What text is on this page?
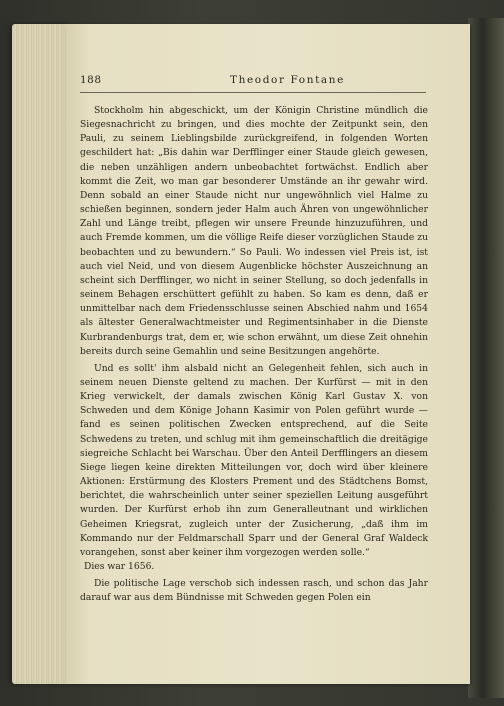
188	Theodor Fontane

Stockholm hin abgeschickt, um der Königin Christine mündlich die Siegesnachricht zu bringen, und dies mochte der Zeitpunkt sein, den Pauli, zu seinem Lieblingsbilde zurückgreifend, in folgenden Worten geschildert hat: „Bis dahin war Derfflinger einer Staude gleich gewesen, die neben unzähligen andern unbeobachtet fortwächst. Endlich aber kommt die Zeit, wo man gar besonderer Umstände an ihr gewahr wird. Denn sobald an einer Staude nicht nur ungewöhnlich viel Halme zu schießen beginnen, sondern jeder Halm auch Ähren von ungewöhnlicher Zahl und Länge treibt, pflegen wir unsere Freunde hinzuzuführen, und auch Fremde kommen, um die völlige Reife dieser vorzüglichen Staude zu beobachten und zu bewundern.“ So Pauli. Wo indessen viel Preis ist, ist auch viel Neid, und von diesem Augenblicke höchster Auszeichnung an scheint sich Derfflinger, wo nicht in seiner Stellung, so doch jedenfalls in seinem Behagen erschüttert gefühlt zu haben. So kam es denn, daß er unmittelbar nach dem Friedensschlusse seinen Abschied nahm und 1654 als ältester Generalwachtmeister und Regimentsinhaber in die Dienste Kurbrandenburgs trat, dem er, wie schon erwähnt, um diese Zeit ohnehin bereits durch seine Gemahlin und seine Besitzungen angehörte.

Und es sollt' ihm alsbald nicht an Gelegenheit fehlen, sich auch in seinem neuen Dienste geltend zu machen. Der Kurfürst — mit in den Krieg verwickelt, der damals zwischen König Karl Gustav X. von Schweden und dem Könige Johann Kasimir von Polen geführt wurde — fand es seinen politischen Zwecken entsprechend, auf die Seite Schwedens zu treten, und schlug mit ihm gemeinschaftlich die dreitägige siegreiche Schlacht bei Warschau. Über den Anteil Derfflingers an diesem Siege liegen keine direkten Mitteilungen vor, doch wird über kleinere Aktionen: Erstürmung des Klosters Prement und des Städtchens Bomst, berichtet, die wahrscheinlich unter seiner speziellen Leitung ausgeführt wurden. Der Kurfürst erhob ihn zum Generalleutnant und wirklichen Geheimen Kriegsrat, zugleich unter der Zusicherung, „daß ihm im Kommando nur der Feldmarschall Sparr und der General Graf Waldeck vorangehen, sonst aber keiner ihm vorgezogen werden solle.“

Dies war 1656.

Die politische Lage verschob sich indessen rasch, und schon das Jahr darauf war aus dem Bündnisse mit Schweden gegen Polen ein
